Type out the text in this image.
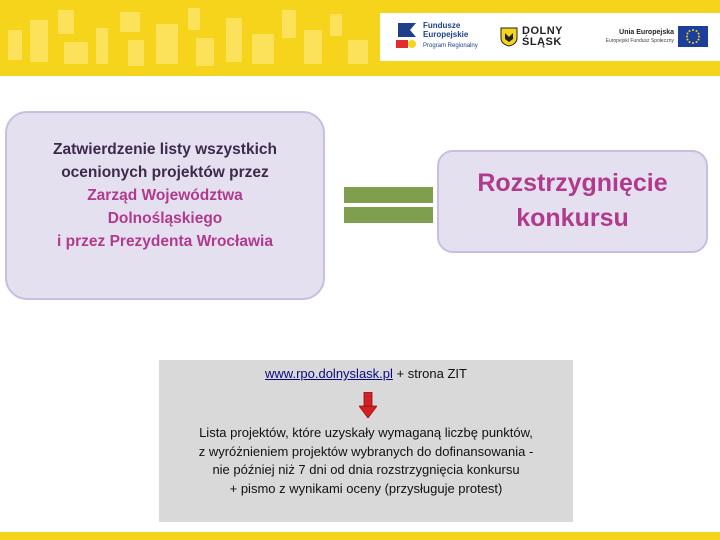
Fundusze
Europejskie
Program Regionalny
DOLNY
ŚLĄSK
Unia Europejska
Europejski Fundusz Społeczny
Zatwierdzenie listy wszystkich
ocenionych projektów przez
Zarząd Województwa
Dolnośląskiego
i przez Prezydenta Wrocławia
Rozstrzygnięcie
konkursu
www.rpo.dolnyslask.pl + strona ZIT
Lista projektów, które uzyskały wymaganą liczbę punktów,
z wyróżnieniem projektów wybranych do dofinansowania -
nie później niż 7 dni od dnia rozstrzygnięcia konkursu
+ pismo z wynikami oceny (przysługuje protest)
